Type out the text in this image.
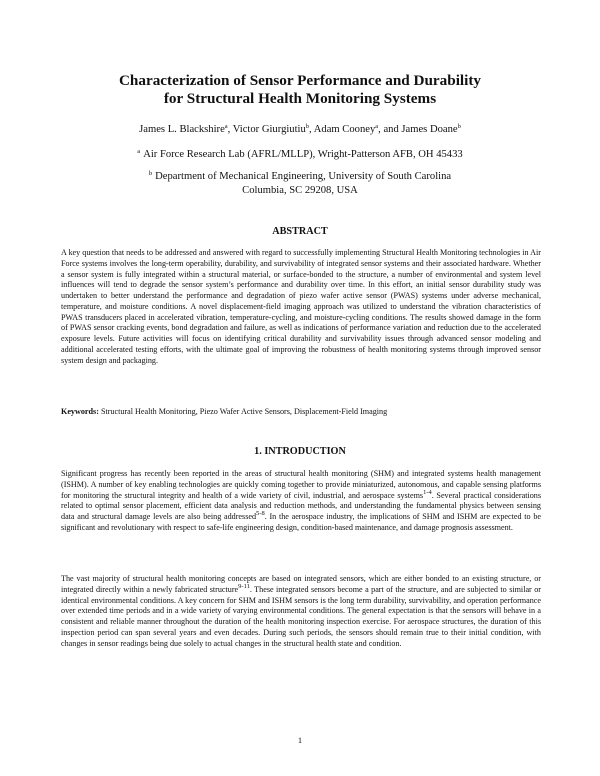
Characterization of Sensor Performance and Durability
for Structural Health Monitoring Systems
James L. Blackshire$^a$, Victor Giurgiutiu$^b$, Adam Cooney$^a$, and James Doane$^b$
$^a$ Air Force Research Lab (AFRL/MLLP), Wright-Patterson AFB, OH 45433
$^b$ Department of Mechanical Engineering, University of South Carolina
Columbia, SC 29208, USA
ABSTRACT

A key question that needs to be addressed and answered with regard to successfully implementing Structural Health Monitoring technologies in Air Force systems involves the long-term operability, durability, and survivability of integrated sensor systems and their associated hardware. Whether a sensor system is fully integrated within a structural material, or surface-bonded to the structure, a number of environmental and system level influences will tend to degrade the sensor system’s performance and durability over time. In this effort, an initial sensor durability study was undertaken to better understand the performance and degradation of piezo wafer active sensor (PWAS) systems under adverse mechanical, temperature, and moisture conditions. A novel displacement-field imaging approach was utilized to understand the vibration characteristics of PWAS transducers placed in accelerated vibration, temperature-cycling, and moisture-cycling conditions. The results showed damage in the form of PWAS sensor cracking events, bond degradation and failure, as well as indications of performance variation and reduction due to the accelerated exposure levels. Future activities will focus on identifying critical durability and survivability issues through advanced sensor modeling and additional accelerated testing efforts, with the ultimate goal of improving the robustness of health monitoring systems through improved sensor system design and packaging.

Keywords: Structural Health Monitoring, Piezo Wafer Active Sensors, Displacement-Field Imaging

1. INTRODUCTION

Significant progress has recently been reported in the areas of structural health monitoring (SHM) and integrated systems health management (ISHM). A number of key enabling technologies are quickly coming together to provide miniaturized, autonomous, and capable sensing platforms for monitoring the structural integrity and health of a wide variety of civil, industrial, and aerospace systems$^{1-4}$. Several practical considerations related to optimal sensor placement, efficient data analysis and reduction methods, and understanding the fundamental physics between sensing data and structural damage levels are also being addressed$^{5-8}$. In the aerospace industry, the implications of SHM and ISHM are expected to be significant and revolutionary with respect to safe-life engineering design, condition-based maintenance, and damage prognosis assessment.

The vast majority of structural health monitoring concepts are based on integrated sensors, which are either bonded to an existing structure, or integrated directly within a newly fabricated structure$^{9-11}$. These integrated sensors become a part of the structure, and are subjected to similar or identical environmental conditions. A key concern for SHM and ISHM sensors is the long term durability, survivability, and operation performance over extended time periods and in a wide variety of varying environmental conditions. The general expectation is that the sensors will behave in a consistent and reliable manner throughout the duration of the health monitoring inspection exercise. For aerospace structures, the duration of this inspection period can span several years and even decades. During such periods, the sensors should remain true to their initial condition, with changes in sensor readings being due solely to actual changes in the structural health state and condition.

1
